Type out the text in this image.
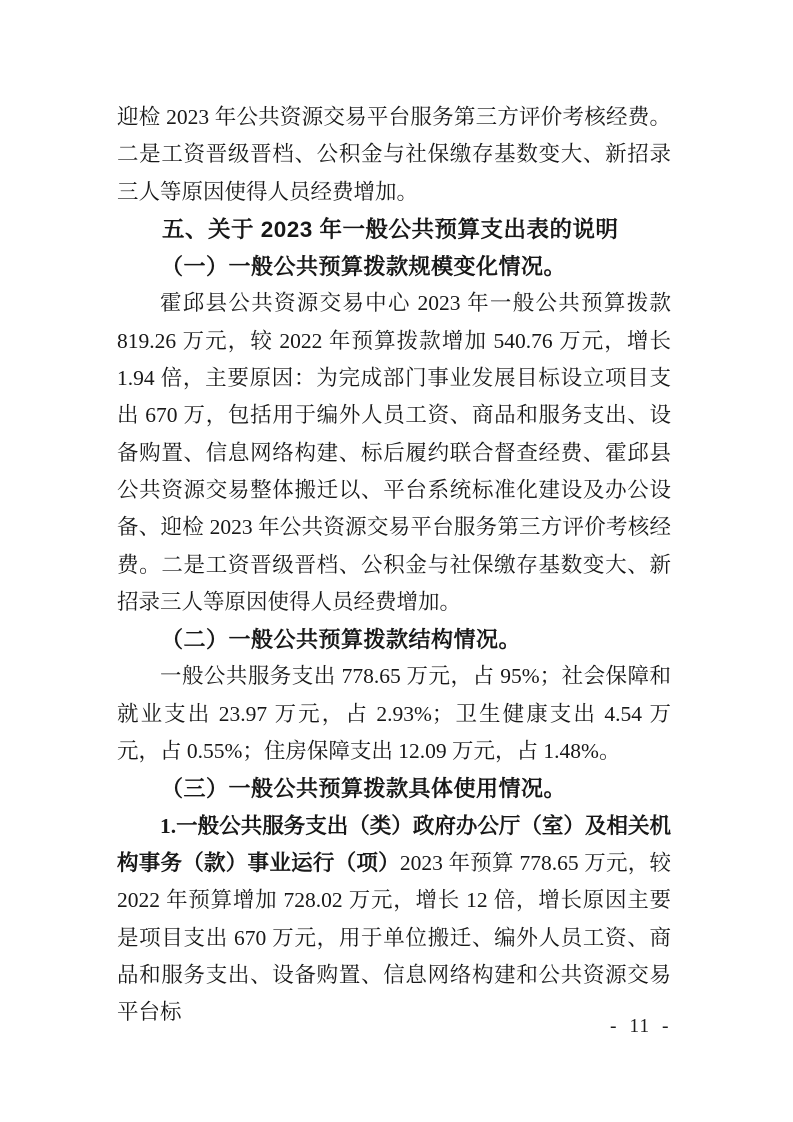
迎检 2023 年公共资源交易平台服务第三方评价考核经费。二是工资晋级晋档、公积金与社保缴存基数变大、新招录三人等原因使得人员经费增加。

五、关于 2023 年一般公共预算支出表的说明
（一）一般公共预算拨款规模变化情况。

霍邱县公共资源交易中心 2023 年一般公共预算拨款 819.26 万元，较 2022 年预算拨款增加 540.76 万元，增长 1.94 倍，主要原因：为完成部门事业发展目标设立项目支出 670 万，包括用于编外人员工资、商品和服务支出、设备购置、信息网络构建、标后履约联合督查经费、霍邱县公共资源交易整体搬迁以、平台系统标准化建设及办公设备、迎检 2023 年公共资源交易平台服务第三方评价考核经费。二是工资晋级晋档、公积金与社保缴存基数变大、新招录三人等原因使得人员经费增加。

（二）一般公共预算拨款结构情况。

一般公共服务支出 778.65 万元，占 95%；社会保障和就业支出 23.97 万元，占 2.93%；卫生健康支出 4.54 万元，占 0.55%；住房保障支出 12.09 万元，占 1.48%。

（三）一般公共预算拨款具体使用情况。

1.一般公共服务支出（类）政府办公厅（室）及相关机构事务（款）事业运行（项）2023 年预算 778.65 万元，较 2022 年预算增加 728.02 万元，增长 12 倍，增长原因主要是项目支出 670 万元，用于单位搬迁、编外人员工资、商品和服务支出、设备购置、信息网络构建和公共资源交易平台标

- 11 -
